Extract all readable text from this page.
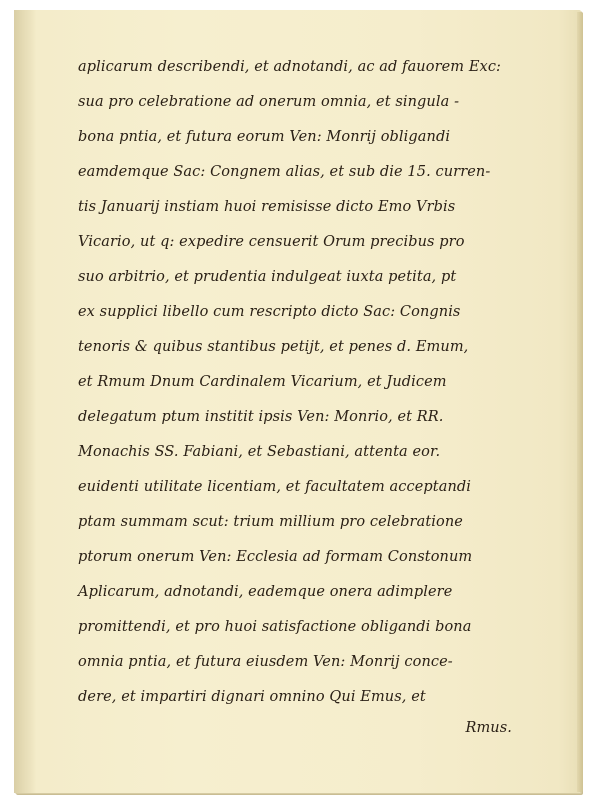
aplicarum describendi, et adnotandi, ac ad fauorem Exc:
sua pro celebratione ad onerum omnia, et singula -
bona pntia, et futura eorum Ven: Monrij obligandi
eamdemque Sac: Congnem alias, et sub die 15. curren-
tis Januarij instiam huoi remisisse dicto Emo Vrbis
Vicario, ut q: expedire censuerit Orum precibus pro
suo arbitrio, et prudentia indulgeat iuxta petita, pt
ex supplici libello cum rescripto dicto Sac: Congnis
tenoris & quibus stantibus petijt, et penes d. Emum,
et Rmum Dnum Cardinalem Vicarium, et Judicem
delegatum ptum institit ipsis Ven: Monrio, et RR.
Monachis SS. Fabiani, et Sebastiani, attenta eor.
euidenti utilitate licentiam, et facultatem acceptandi
ptam summam scut: trium millium pro celebratione
ptorum onerum Ven: Ecclesia ad formam Constonum
Aplicarum, adnotandi, eademque onera adimplere
promittendi, et pro huoi satisfactione obligandi bona
omnia pntia, et futura eiusdem Ven: Monrij conce-
dere, et impartiri dignari omnino Qui Emus, et
Rmus.
